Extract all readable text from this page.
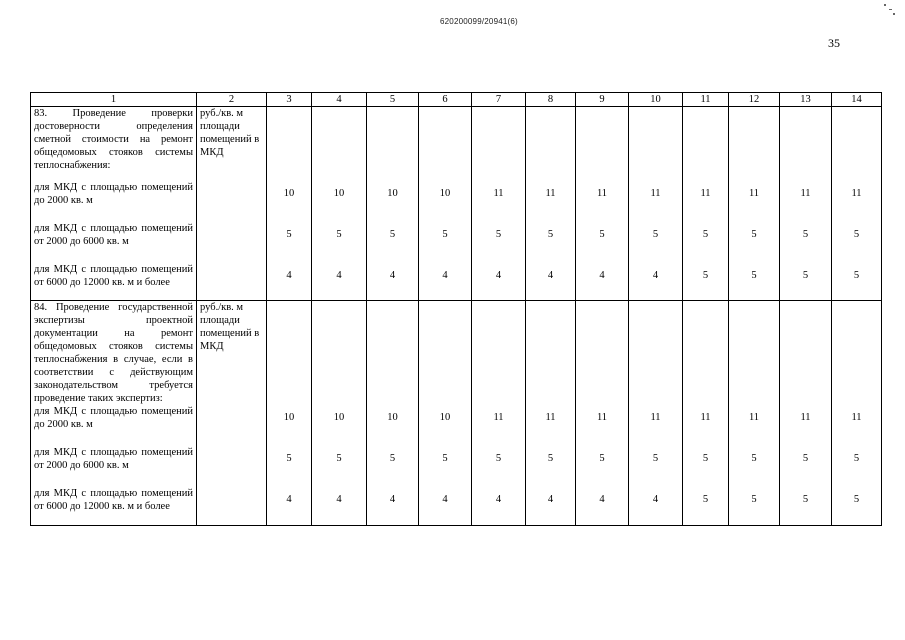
620200099/20941(6)
35
1	2	3	4	5	6	7	8	9	10	11	12	13	14
83. Проведение проверки достоверности определения сметной стоимости на ремонт общедомовых стояков системы теплоснабжения:	руб./кв. м площади помещений в МКД												
для МКД с площадью помещений до 2000 кв. м		10	10	10	10	11	11	11	11	11	11	11	11
для МКД с площадью помещений от 2000 до 6000 кв. м		5	5	5	5	5	5	5	5	5	5	5	5
для МКД с площадью помещений от 6000 до 12000 кв. м и более		4	4	4	4	4	4	4	4	5	5	5	5
84. Проведение государственной экспертизы проектной документации на ремонт общедомовых стояков системы теплоснабжения в случае, если в соответствии с действующим законодательством требуется проведение таких экспертиз:	руб./кв. м площади помещений в МКД												
для МКД с площадью помещений до 2000 кв. м		10	10	10	10	11	11	11	11	11	11	11	11
для МКД с площадью помещений от 2000 до 6000 кв. м		5	5	5	5	5	5	5	5	5	5	5	5
для МКД с площадью помещений от 6000 до 12000 кв. м и более		4	4	4	4	4	4	4	4	5	5	5	5
